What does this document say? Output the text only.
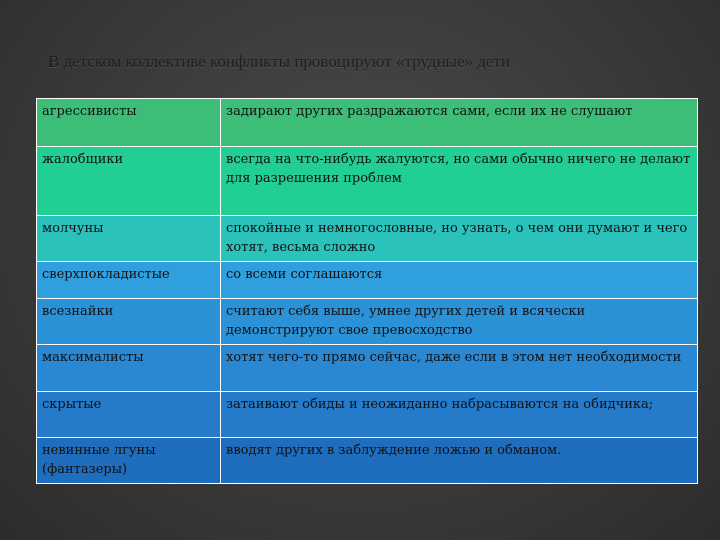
В детском коллективе конфликты провоцируют «трудные» дети
агрессивисты	задирают других раздражаются сами, если их не слушают
жалобщики	всегда на что-нибудь жалуются, но сами обычно ничего не делают для разрешения проблем
молчуны	спокойные и немногословные, но узнать, о чем они думают и чего хотят, весьма сложно
сверхпокладистые	со всеми соглашаются
всезнайки	считают себя выше, умнее других детей и всячески демонстрируют свое превосходство
максималисты	хотят чего-то прямо сейчас, даже если в этом нет необходимости
скрытые	затаивают обиды и неожиданно набрасываются на обидчика;
невинные лгуны (фантазеры)	вводят других в заблуждение ложью и обманом.
